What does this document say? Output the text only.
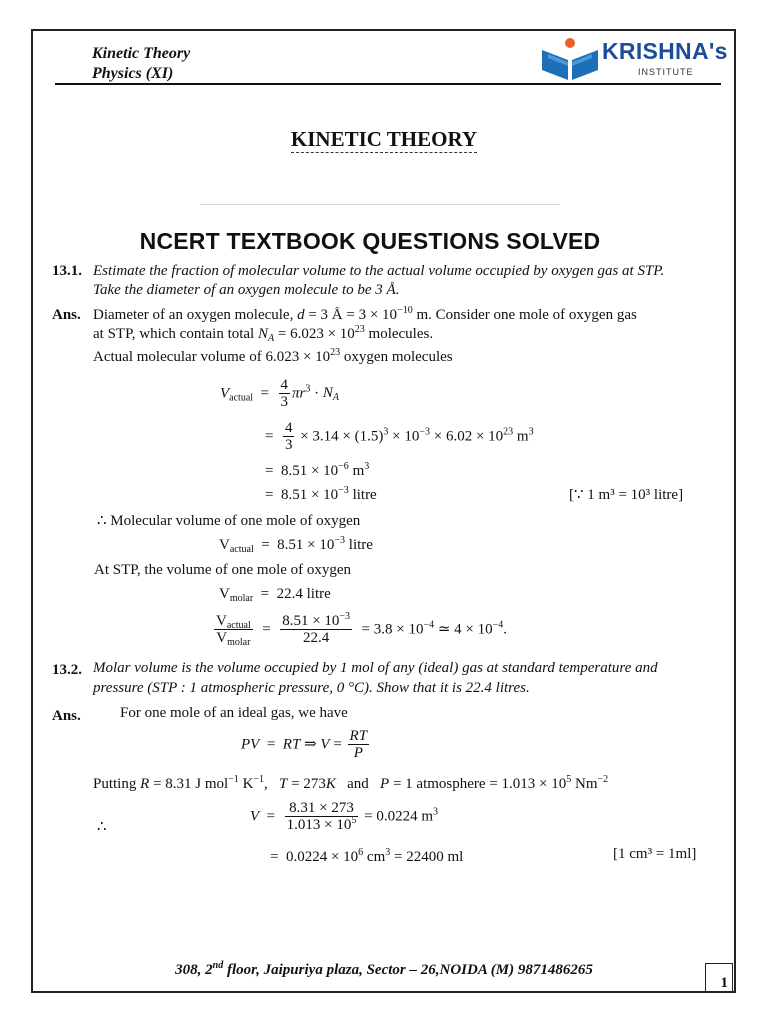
Kinetic Theory
Physics (XI)
KRISHNA's
INSTITUTE
KINETIC THEORY
NCERT TEXTBOOK QUESTIONS SOLVED
13.1. Estimate the fraction of molecular volume to the actual volume occupied by oxygen gas at STP.
Take the diameter of an oxygen molecule to be 3 Å.
Ans. Diameter of an oxygen molecule, d = 3 Å = $3 \times 10^{-10}$ m. Consider one mole of oxygen gas
at STP, which contain total $N_A = 6.023 \times 10^{23}$ molecules.
Actual molecular volume of $6.023 \times 10^{23}$ oxygen molecules
$V_{actual} = \frac{4}{3} \pi r^3 \cdot N_A$
= $\frac{4}{3} \times 3.14 \times (1.5)^3 \times 10^{-3} \times 6.02 \times 10^{23}$ $m^3$
=  $8.51 \times 10^{-6}$ $m^3$
=  $8.51 \times 10^{-3}$ litre	[∵ 1 m³ = 10³ litre]
∴ Molecular volume of one mole of oxygen
$V_{actual} = 8.51 \times 10^{-3}$ litre
At STP, the volume of one mole of oxygen
$V_{molar} = 22.4$ litre
$\frac{V_{actual}}{V_{molar}} = \frac{8.51 \times 10^{-3}}{22.4} = 3.8 \times 10^{-4}$ ≃ $4 \times 10^{-4}$.
13.2. Molar volume is the volume occupied by 1 mol of any (ideal) gas at standard temperature and
pressure (STP : 1 atmospheric pressure, 0 °C). Show that it is 22.4 litres.
Ans.	For one mole of an ideal gas, we have
PV  =  RT ⇒ $V = \frac{RT}{P}$
Putting R = 8.31 J mol$^{-1}$ $K^{-1}$,   T = 273K   and   P = 1 atmosphere = $1.013 \times 10^5$ $Nm^{-2}$
∴
$V = \frac{8.31 \times 273}{1.013 \times 10^5} = 0.0224$ $m^3$
=  $0.0224 \times 10^6$ $cm^3 = 22400$ ml	[1 cm³ = 1ml]
308, 2nd floor, Jaipuriya plaza, Sector – 26,NOIDA (M) 9871486265
1
